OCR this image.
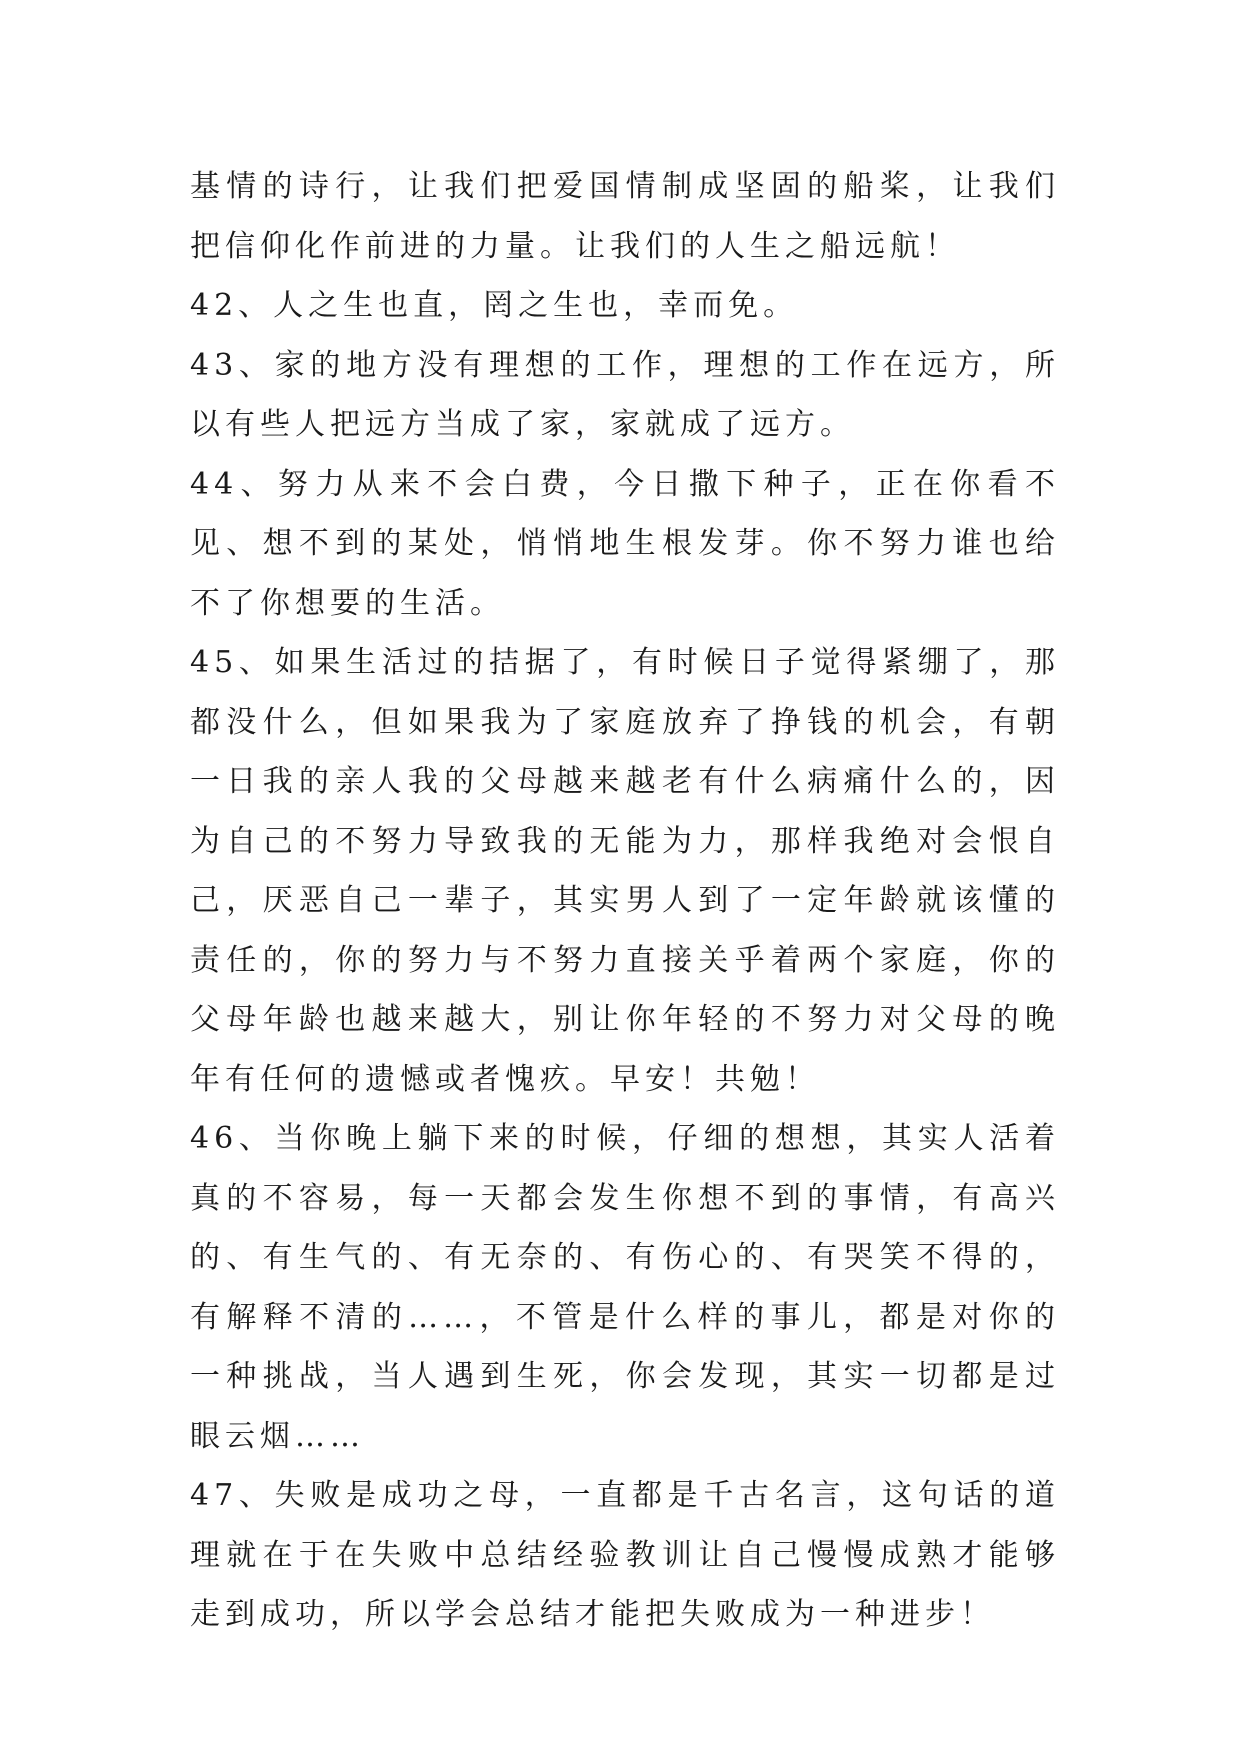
基情的诗行，让我们把爱国情制成坚固的船桨，让我们把信仰化作前进的力量。让我们的人生之船远航！

42、人之生也直，罔之生也，幸而免。

43、家的地方没有理想的工作，理想的工作在远方，所以有些人把远方当成了家，家就成了远方。

44、努力从来不会白费，今日撒下种子，正在你看不见、想不到的某处，悄悄地生根发芽。你不努力谁也给不了你想要的生活。

45、如果生活过的拮据了，有时候日子觉得紧绷了，那都没什么，但如果我为了家庭放弃了挣钱的机会，有朝一日我的亲人我的父母越来越老有什么病痛什么的，因为自己的不努力导致我的无能为力，那样我绝对会恨自己，厌恶自己一辈子，其实男人到了一定年龄就该懂的责任的，你的努力与不努力直接关乎着两个家庭，你的父母年龄也越来越大，别让你年轻的不努力对父母的晚年有任何的遗憾或者愧疚。早安！共勉！

46、当你晚上躺下来的时候，仔细的想想，其实人活着真的不容易，每一天都会发生你想不到的事情，有高兴的、有生气的、有无奈的、有伤心的、有哭笑不得的，有解释不清的……，不管是什么样的事儿，都是对你的一种挑战，当人遇到生死，你会发现，其实一切都是过眼云烟……

47、失败是成功之母，一直都是千古名言，这句话的道理就在于在失败中总结经验教训让自己慢慢成熟才能够走到成功，所以学会总结才能把失败成为一种进步！
